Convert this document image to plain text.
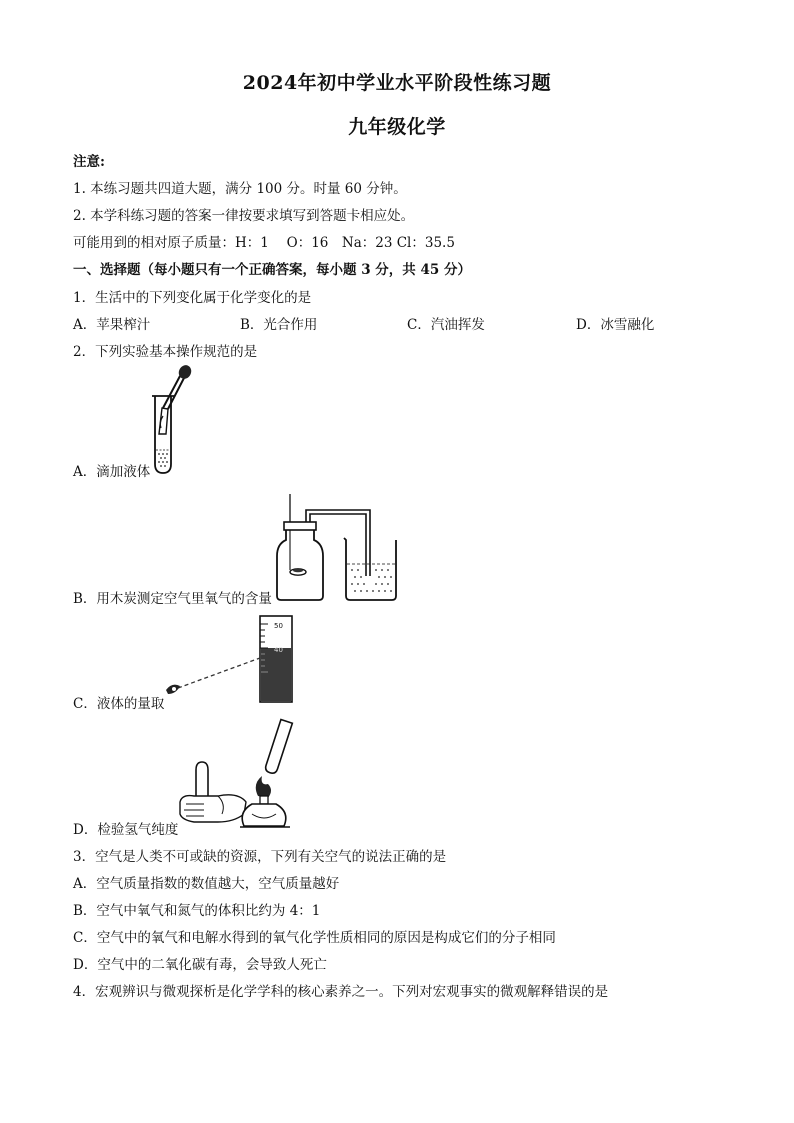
2024年初中学业水平阶段性练习题
九年级化学
注意:
1. 本练习题共四道大题，满分 100 分。时量 60 分钟。
2. 本学科练习题的答案一律按要求填写到答题卡相应处。
可能用到的相对原子质量：H：1　 O：16　Na：23 Cl：35.5
一、选择题（每小题只有一个正确答案，每小题 3 分，共 45 分）
1．生活中的下列变化属于化学变化的是
A．苹果榨汁	B．光合作用	C．汽油挥发	D．冰雪融化
2．下列实验基本操作规范的是
A．滴加液体
B．用木炭测定空气里氧气的含量
50
40
C．液体的量取
D．检验氢气纯度
3．空气是人类不可或缺的资源，下列有关空气的说法正确的是
A．空气质量指数的数值越大，空气质量越好
B．空气中氧气和氮气的体积比约为 4：1
C．空气中的氧气和电解水得到的氧气化学性质相同的原因是构成它们的分子相同
D．空气中的二氧化碳有毒，会导致人死亡
4．宏观辨识与微观探析是化学学科的核心素养之一。下列对宏观事实的微观解释错误的是
